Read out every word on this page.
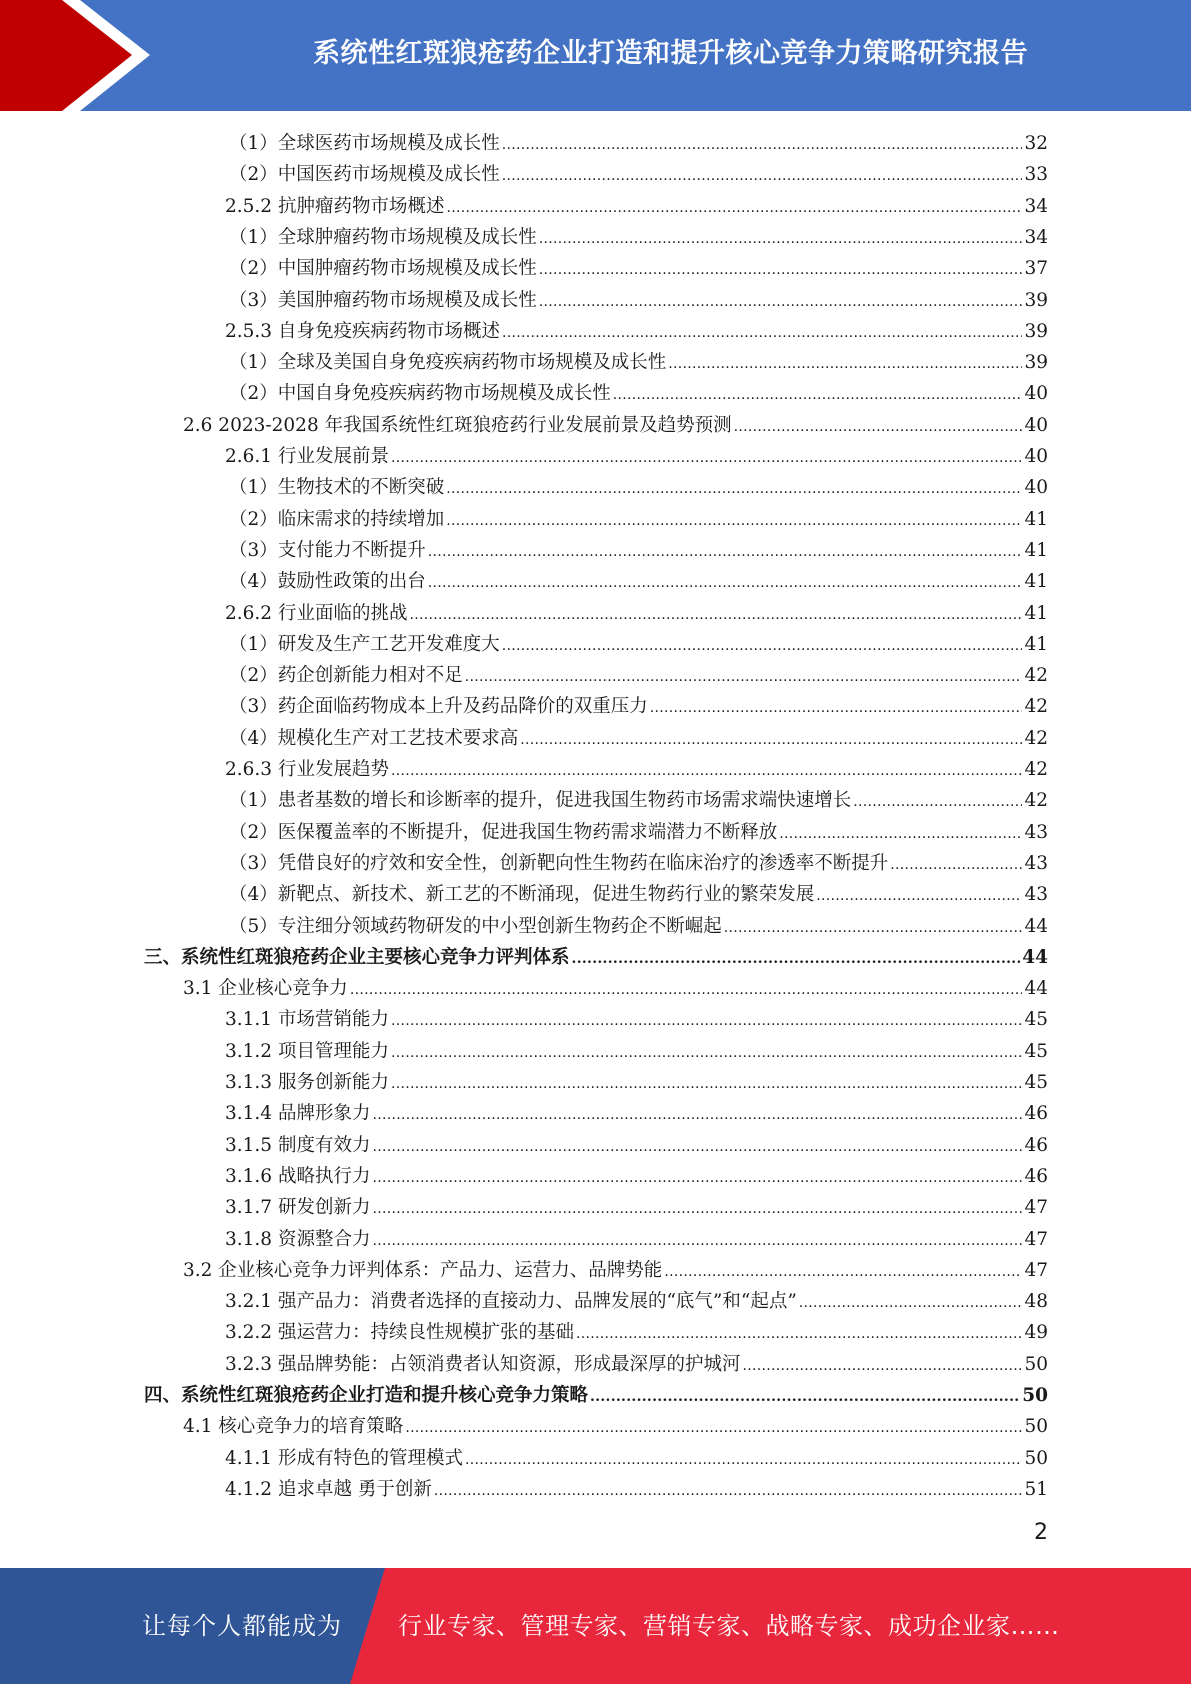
系统性红斑狼疮药企业打造和提升核心竞争力策略研究报告
（1）全球医药市场规模及成长性 .....	32
（2）中国医药市场规模及成长性 .....	33
2.5.2 抗肿瘤药物市场概述 .....	34
（1）全球肿瘤药物市场规模及成长性 .....	34
（2）中国肿瘤药物市场规模及成长性 .....	37
（3）美国肿瘤药物市场规模及成长性 .....	39
2.5.3 自身免疫疾病药物市场概述 .....	39
（1）全球及美国自身免疫疾病药物市场规模及成长性 .....	39
（2）中国自身免疫疾病药物市场规模及成长性 .....	40
2.6 2023-2028 年我国系统性红斑狼疮药行业发展前景及趋势预测 .....	40
2.6.1 行业发展前景 .....	40
（1）生物技术的不断突破 .....	40
（2）临床需求的持续增加 .....	41
（3）支付能力不断提升 .....	41
（4）鼓励性政策的出台 .....	41
2.6.2 行业面临的挑战 .....	41
（1）研发及生产工艺开发难度大 .....	41
（2）药企创新能力相对不足 .....	42
（3）药企面临药物成本上升及药品降价的双重压力 .....	42
（4）规模化生产对工艺技术要求高 .....	42
2.6.3 行业发展趋势 .....	42
（1）患者基数的增长和诊断率的提升，促进我国生物药市场需求端快速增长 .....	42
（2）医保覆盖率的不断提升，促进我国生物药需求端潜力不断释放 .....	43
（3）凭借良好的疗效和安全性，创新靶向性生物药在临床治疗的渗透率不断提升 .....	43
（4）新靶点、新技术、新工艺的不断涌现，促进生物药行业的繁荣发展 .....	43
（5）专注细分领域药物研发的中小型创新生物药企不断崛起 .....	44
三、系统性红斑狼疮药企业主要核心竞争力评判体系 .....	44
3.1 企业核心竞争力 .....	44
3.1.1 市场营销能力 .....	45
3.1.2 项目管理能力 .....	45
3.1.3 服务创新能力 .....	45
3.1.4 品牌形象力 .....	46
3.1.5 制度有效力 .....	46
3.1.6 战略执行力 .....	46
3.1.7 研发创新力 .....	47
3.1.8 资源整合力 .....	47
3.2 企业核心竞争力评判体系：产品力、运营力、品牌势能 .....	47
3.2.1 强产品力：消费者选择的直接动力、品牌发展的“底气”和“起点” .....	48
3.2.2 强运营力：持续良性规模扩张的基础 .....	49
3.2.3 强品牌势能：占领消费者认知资源，形成最深厚的护城河 .....	50
四、系统性红斑狼疮药企业打造和提升核心竞争力策略 .....	50
4.1 核心竞争力的培育策略 .....	50
4.1.1 形成有特色的管理模式 .....	50
4.1.2 追求卓越 勇于创新 .....	51
2
让每个人都能成为 行业专家、管理专家、营销专家、战略专家、成功企业家……
